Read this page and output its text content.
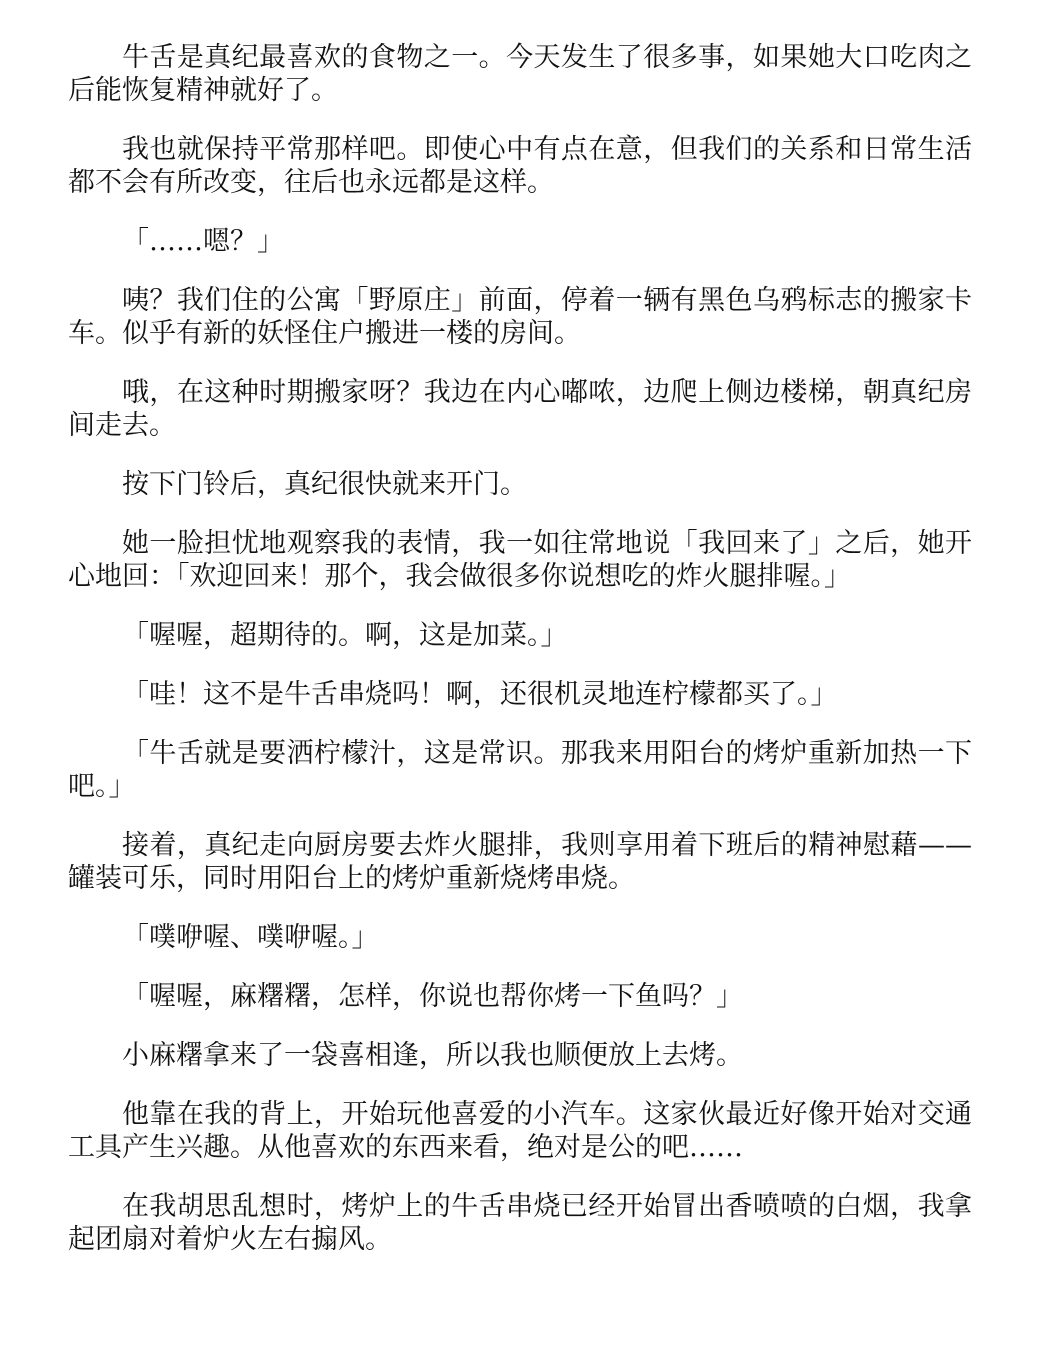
牛舌是真纪最喜欢的食物之一。今天发生了很多事，如果她大口吃肉之后能恢复精神就好了。

我也就保持平常那样吧。即使心中有点在意，但我们的关系和日常生活都不会有所改变，往后也永远都是这样。

「……嗯？」

咦？我们住的公寓「野原庄」前面，停着一辆有黑色乌鸦标志的搬家卡车。似乎有新的妖怪住户搬进一楼的房间。

哦，在这种时期搬家呀？我边在内心嘟哝，边爬上侧边楼梯，朝真纪房间走去。

按下门铃后，真纪很快就来开门。

她一脸担忧地观察我的表情，我一如往常地说「我回来了」之后，她开心地回：「欢迎回来！那个，我会做很多你说想吃的炸火腿排喔。」

「喔喔，超期待的。啊，这是加菜。」

「哇！这不是牛舌串烧吗！啊，还很机灵地连柠檬都买了。」

「牛舌就是要洒柠檬汁，这是常识。那我来用阳台的烤炉重新加热一下吧。」

接着，真纪走向厨房要去炸火腿排，我则享用着下班后的精神慰藉——罐装可乐，同时用阳台上的烤炉重新烧烤串烧。

「噗咿喔、噗咿喔。」

「喔喔，麻糬糬，怎样，你说也帮你烤一下鱼吗？」

小麻糬拿来了一袋喜相逢，所以我也顺便放上去烤。

他靠在我的背上，开始玩他喜爱的小汽车。这家伙最近好像开始对交通工具产生兴趣。从他喜欢的东西来看，绝对是公的吧……

在我胡思乱想时，烤炉上的牛舌串烧已经开始冒出香喷喷的白烟，我拿起团扇对着炉火左右搧风。
